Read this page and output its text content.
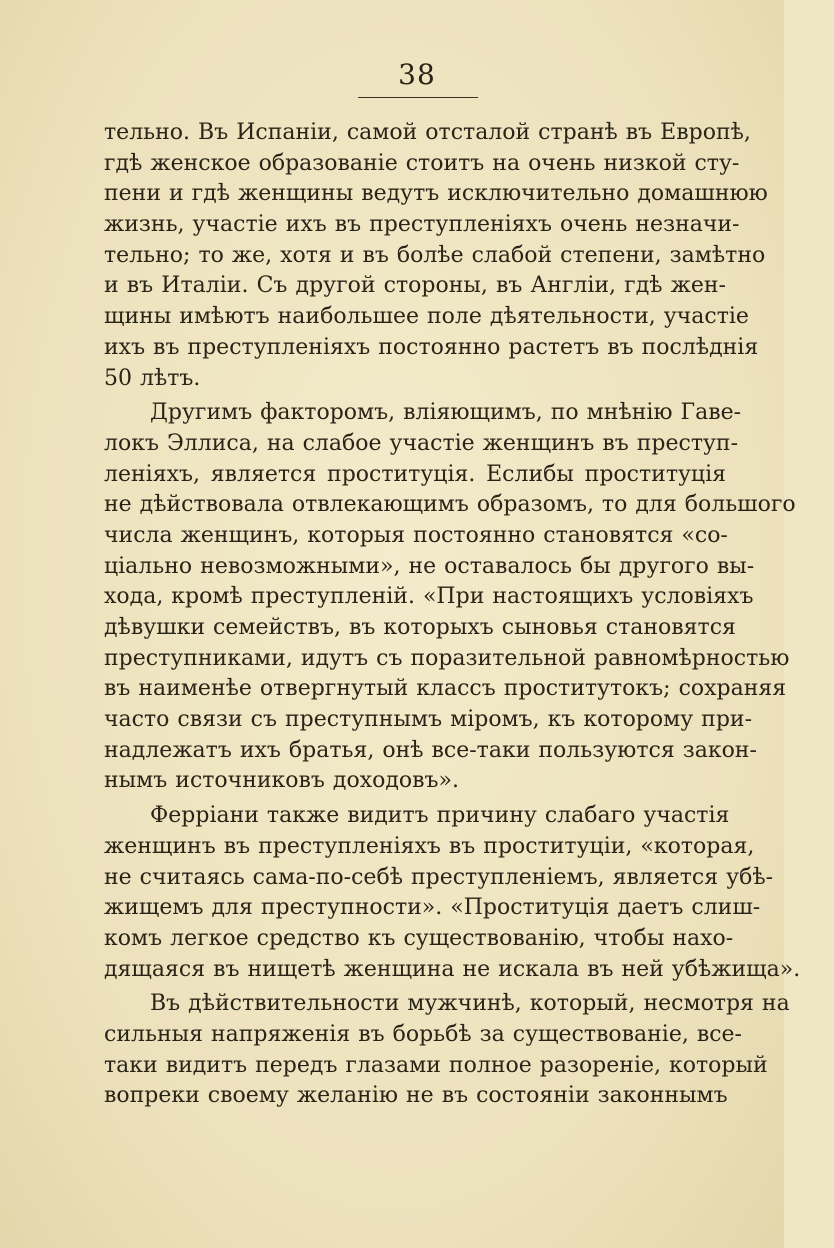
38
тельно. Въ Испаніи, самой отсталой странѣ въ Европѣ,
гдѣ женское образованіе стоитъ на очень низкой сту-
пени и гдѣ женщины ведутъ исключительно домашнюю
жизнь, участіе ихъ въ преступленіяхъ очень незначи-
тельно; то же, хотя и въ болѣе слабой степени, замѣтно
и въ Италіи. Съ другой стороны, въ Англіи, гдѣ жен-
щины имѣютъ наибольшее поле дѣятельности, участіе
ихъ въ преступленіяхъ постоянно растетъ въ послѣднія
50 лѣтъ.
Другимъ факторомъ, вліяющимъ, по мнѣнію Гавe-
локъ Эллиса, на слабое участіе женщинъ въ преступ-
леніяхъ, является проституція. Еслибы проституція
не дѣйствовала отвлекающимъ образомъ, то для большого
числа женщинъ, которыя постоянно становятся «со-
ціально невозможными», не оставалось бы другого вы-
хода, кромѣ преступленій. «При настоящихъ условіяхъ
дѣвушки семействъ, въ которыхъ сыновья становятся
преступниками, идутъ съ поразительной равномѣрностью
въ наименѣе отвергнутый классъ проститутокъ; сохраняя
часто связи съ преступнымъ міромъ, къ которому при-
надлежатъ ихъ братья, онѣ все-таки пользуются закон-
нымъ источниковъ доходовъ».
Ферріани также видитъ причину слабаго участія
женщинъ въ преступленіяхъ въ проституціи, «которая,
не считаясь сама-по-себѣ преступленіемъ, является убѣ-
жищемъ для преступности». «Проституція даетъ слиш-
комъ легкое средство къ существованію, чтобы нахо-
дящаяся въ нищетѣ женщина не искала въ ней убѣжища».
Въ дѣйствительности мужчинѣ, который, несмотря на
сильныя напряженія въ борьбѣ за существованіе, все-
таки видитъ передъ глазами полное разореніе, который
вопреки своему желанію не въ состояніи законнымъ
